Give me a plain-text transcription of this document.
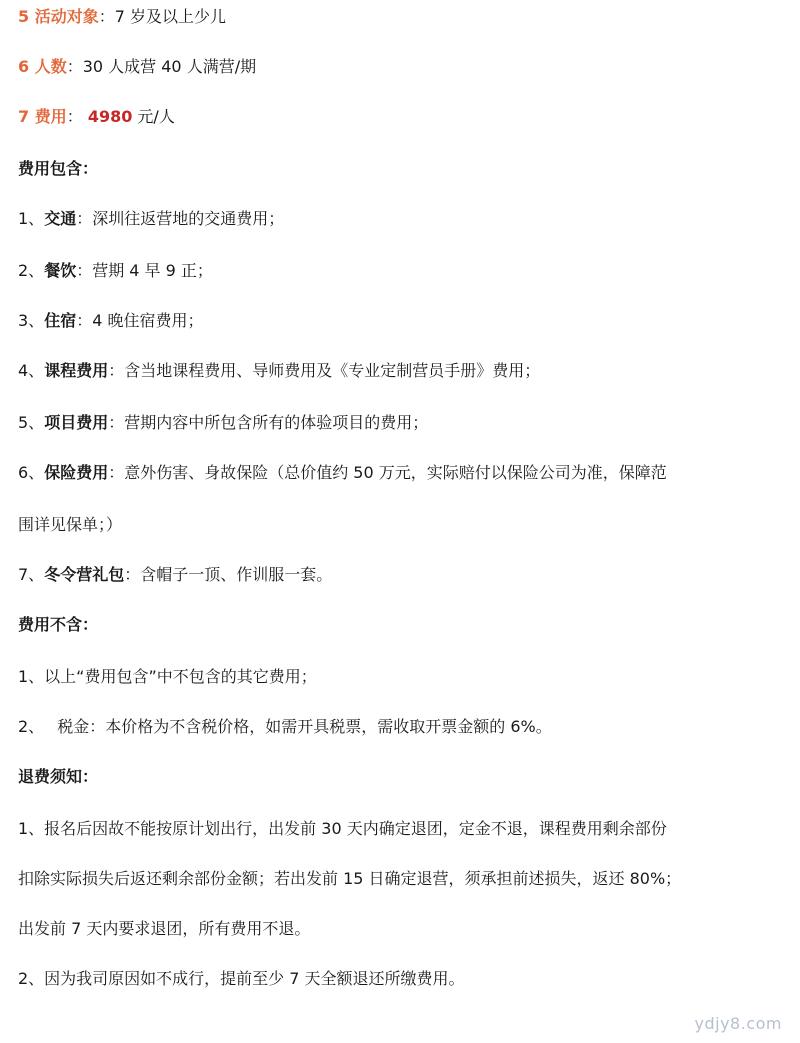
5 活动对象：7 岁及以上少儿
6 人数：30 人成营 40 人满营/期
7 费用： 4980 元/人
费用包含：
1、交通：深圳往返营地的交通费用；
2、餐饮：营期 4 早 9 正；
3、住宿：4 晚住宿费用；
4、课程费用：含当地课程费用、导师费用及《专业定制营员手册》费用；
5、项目费用：营期内容中所包含所有的体验项目的费用；
6、保险费用：意外伤害、身故保险（总价值约 50 万元，实际赔付以保险公司为准，保障范
围详见保单；）
7、冬令营礼包：含帽子一顶、作训服一套。
费用不含：
1、以上“费用包含”中不包含的其它费用；
2、　 税金：本价格为不含税价格，如需开具税票，需收取开票金额的 6%。
退费须知：
1、报名后因故不能按原计划出行，出发前 30 天内确定退团，定金不退，课程费用剩余部份
扣除实际损失后返还剩余部份金额；若出发前 15 日确定退营，须承担前述损失，返还 80%；
出发前 7 天内要求退团，所有费用不退。
2、因为我司原因如不成行，提前至少 7 天全额退还所缴费用。
ydjy8.com
